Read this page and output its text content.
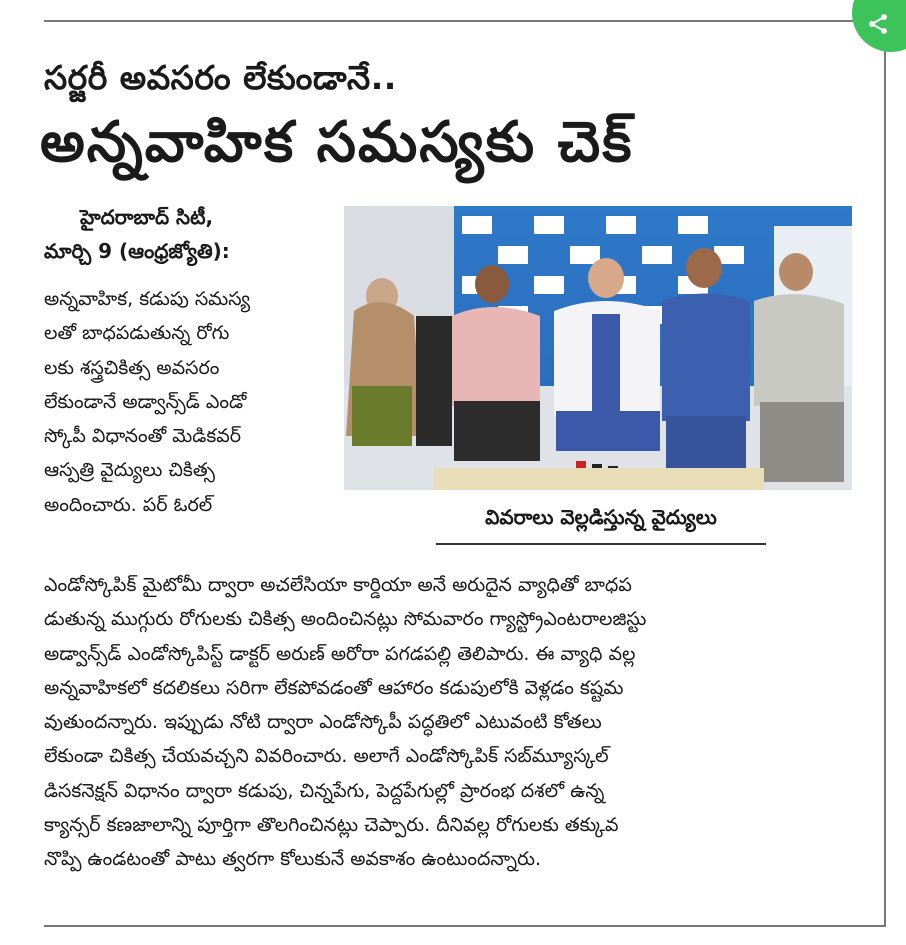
సర్జరీ అవసరం లేకుండానే..
అన్నవాహిక సమస్యకు చెక్
హైదరాబాద్ సిటీ,
మార్చి 9 (ఆంధ్రజ్యోతి):
అన్నవాహిక, కడుపు సమస్య
లతో బాధపడుతున్న రోగు
లకు శస్త్రచికిత్స అవసరం
లేకుండానే అడ్వాన్స్‌డ్ ఎండో
స్కోపీ విధానంతో మెడికవర్
ఆస్పత్రి వైద్యులు చికిత్స
అందించారు. పర్ ఓరల్
వివరాలు వెల్లడిస్తున్న వైద్యులు
ఎండోస్కోపిక్ మైటోమీ ద్వారా అచలేసియా కార్డియా అనే అరుదైన వ్యాధితో బాధప
డుతున్న ముగ్గురు రోగులకు చికిత్స అందించినట్లు సోమవారం గ్యాస్ట్రోఎంటరాలజిస్టు
అడ్వాన్స్‌డ్ ఎండోస్కోపిస్ట్ డాక్టర్ అరుణ్ అరోరా పగడపల్లి తెలిపారు. ఈ వ్యాధి వల్ల
అన్నవాహికలో కదలికలు సరిగా లేకపోవడంతో ఆహారం కడుపులోకి వెళ్లడం కష్టమ
వుతుందన్నారు. ఇప్పుడు నోటి ద్వారా ఎండోస్కోపీ పద్ధతిలో ఎటువంటి కోతలు
లేకుండా చికిత్స చేయవచ్చని వివరించారు. అలాగే ఎండోస్కోపిక్ సబ్‌మ్యూస్కల్
డిసకనెక్షన్ విధానం ద్వారా కడుపు, చిన్నపేగు, పెద్దపేగుల్లో ప్రారంభ దశలో ఉన్న
క్యాన్సర్ కణజాలాన్ని పూర్తిగా తొలగించినట్లు చెప్పారు. దీనివల్ల రోగులకు తక్కువ
నొప్పి ఉండటంతో పాటు త్వరగా కోలుకునే అవకాశం ఉంటుందన్నారు.
